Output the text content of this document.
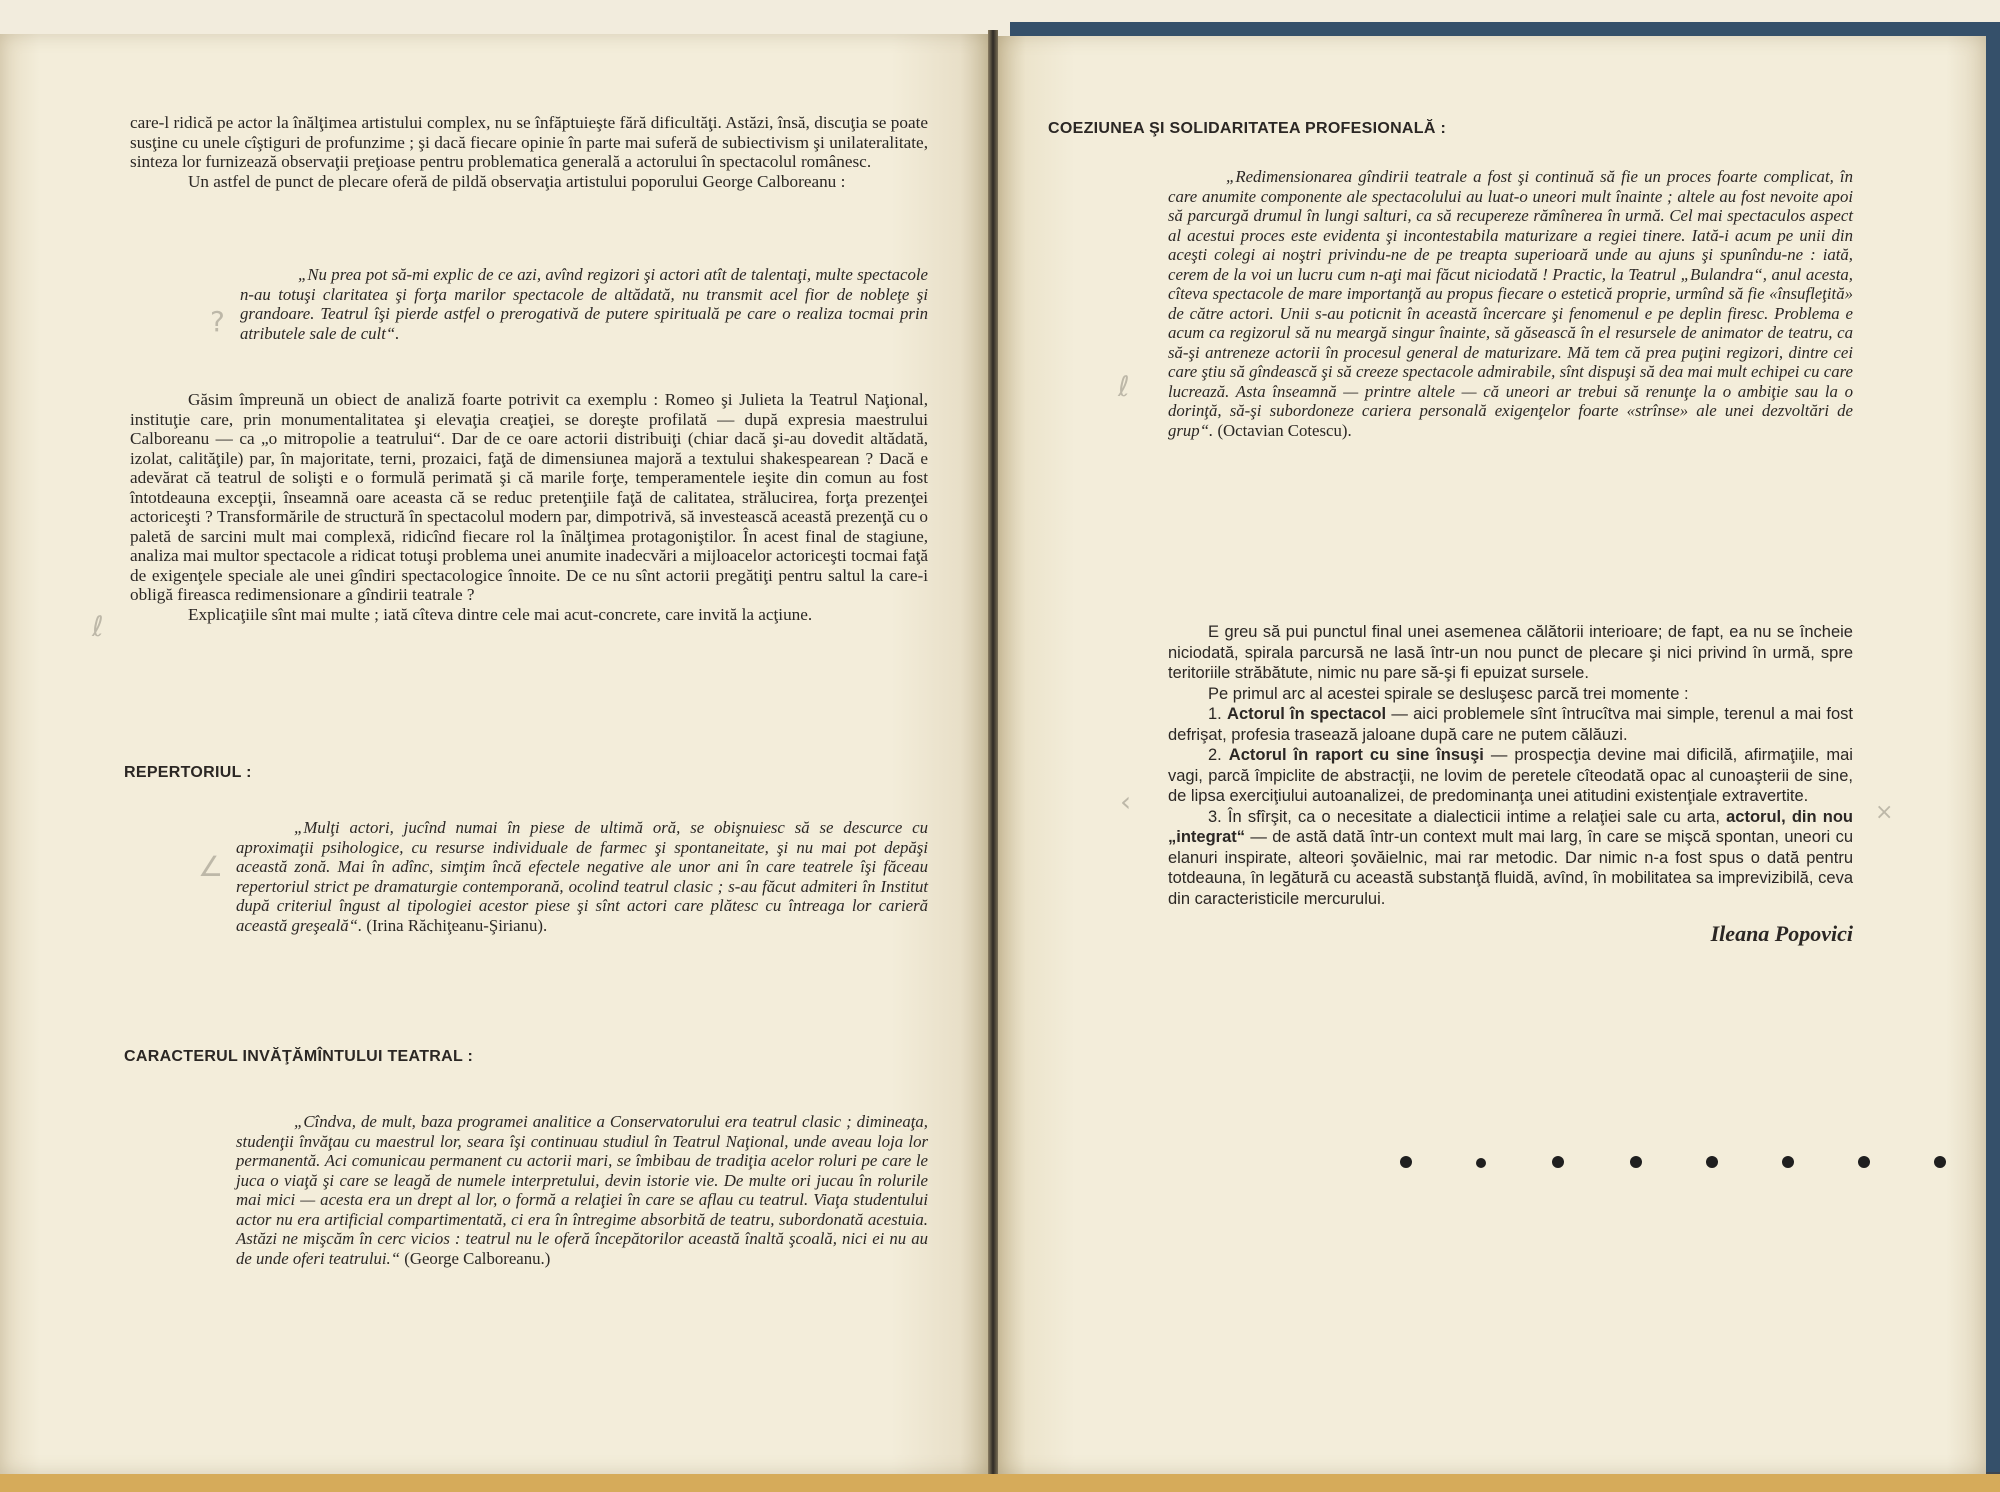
care-l ridică pe actor la înălţimea artistului complex, nu se înfăptuieşte fără dificultăţi. Astăzi, însă, discuţia se poate susţine cu unele cîştiguri de profunzime ; şi dacă fiecare opinie în parte mai suferă de subiectivism şi unilateralitate, sinteza lor furnizează observaţii preţioase pentru problematica generală a actorului în spectacolul românesc.

Un astfel de punct de plecare oferă de pildă observaţia artistului poporului George Calboreanu :

„Nu prea pot să-mi explic de ce azi, avînd regizori şi actori atît de talentaţi, multe spectacole n-au totuşi claritatea şi forţa marilor spectacole de altădată, nu transmit acel fior de nobleţe şi grandoare. Teatrul îşi pierde astfel o prerogativă de putere spirituală pe care o realiza tocmai prin atributele sale de cult“.

Găsim împreună un obiect de analiză foarte potrivit ca exemplu : Romeo şi Julieta la Teatrul Naţional, instituţie care, prin monumentalitatea şi elevaţia creaţiei, se doreşte profilată — după expresia maestrului Calboreanu — ca „o mitropolie a teatrului“. Dar de ce oare actorii distribuiţi (chiar dacă şi-au dovedit altădată, izolat, calităţile) par, în majoritate, terni, prozaici, faţă de dimensiunea majoră a textului shakespearean ? Dacă e adevărat că teatrul de solişti e o formulă perimată şi că marile forţe, temperamentele ieşite din comun au fost întotdeauna excepţii, înseamnă oare aceasta că se reduc pretenţiile faţă de calitatea, strălucirea, forţa prezenţei actoriceşti ? Transformările de structură în spectacolul modern par, dimpotrivă, să investească această prezenţă cu o paletă de sarcini mult mai complexă, ridicînd fiecare rol la înălţimea protagoniştilor. În acest final de stagiune, analiza mai multor spectacole a ridicat totuşi problema unei anumite inadecvări a mijloacelor actoriceşti tocmai faţă de exigenţele speciale ale unei gîndiri spectacologice înnoite. De ce nu sînt actorii pregătiţi pentru saltul la care-i obligă fireasca redimensionare a gîndirii teatrale ?

Explicaţiile sînt mai multe ; iată cîteva dintre cele mai acut-concrete, care invită la acţiune.

REPERTORIUL :

„Mulţi actori, jucînd numai în piese de ultimă oră, se obişnuiesc să se descurce cu aproximaţii psihologice, cu resurse individuale de farmec şi spontaneitate, şi nu mai pot depăşi această zonă. Mai în adînc, simţim încă efectele negative ale unor ani în care teatrele îşi făceau repertoriul strict pe dramaturgie contemporană, ocolind teatrul clasic ; s-au făcut admiteri în Institut după criteriul îngust al tipologiei acestor piese şi sînt actori care plătesc cu întreaga lor carieră această greşeală“. (Irina Răchiţeanu-Şirianu).

CARACTERUL INVĂŢĂMÎNTULUI TEATRAL :

„Cîndva, de mult, baza programei analitice a Conservatorului era teatrul clasic ; dimineaţa, studenţii învăţau cu maestrul lor, seara îşi continuau studiul în Teatrul Naţional, unde aveau loja lor permanentă. Aci comunicau permanent cu actorii mari, se îmbibau de tradiţia acelor roluri pe care le juca o viaţă şi care se leagă de numele interpretului, devin istorie vie. De multe ori jucau în rolurile mai mici — acesta era un drept al lor, o formă a relaţiei în care se aflau cu teatrul. Viaţa studentului actor nu era artificial compartimentată, ci era în întregime absorbită de teatru, subordonată acestuia. Astăzi ne mişcăm în cerc vicios : teatrul nu le oferă începătorilor această înaltă şcoală, nici ei nu au de unde oferi teatrului.“ (George Calboreanu.)

COEZIUNEA ŞI SOLIDARITATEA PROFESIONALĂ :

„Redimensionarea gîndirii teatrale a fost şi continuă să fie un proces foarte complicat, în care anumite componente ale spectacolului au luat-o uneori mult înainte ; altele au fost nevoite apoi să parcurgă drumul în lungi salturi, ca să recupereze rămînerea în urmă. Cel mai spectaculos aspect al acestui proces este evidenta şi incontestabila maturizare a regiei tinere. Iată-i acum pe unii din aceşti colegi ai noştri privindu-ne de pe treapta superioară unde au ajuns şi spunîndu-ne : iată, cerem de la voi un lucru cum n-aţi mai făcut niciodată ! Practic, la Teatrul „Bulandra“, anul acesta, cîteva spectacole de mare importanţă au propus fiecare o estetică proprie, urmînd să fie «însufleţită» de către actori. Unii s-au poticnit în această încercare şi fenomenul e pe deplin firesc. Problema e acum ca regizorul să nu meargă singur înainte, să găsească în el resursele de animator de teatru, ca să-şi antreneze actorii în procesul general de maturizare. Mă tem că prea puţini regizori, dintre cei care ştiu să gîndească şi să creeze spectacole admirabile, sînt dispuşi să dea mai mult echipei cu care lucrează. Asta înseamnă — printre altele — că uneori ar trebui să renunţe la o ambiţie sau la o dorinţă, să-şi subordoneze cariera personală exigenţelor foarte «strînse» ale unei dezvoltări de grup“. (Octavian Cotescu).

E greu să pui punctul final unei asemenea călătorii interioare; de fapt, ea nu se încheie niciodată, spirala parcursă ne lasă într-un nou punct de plecare şi nici privind în urmă, spre teritoriile străbătute, nimic nu pare să-şi fi epuizat sursele.

Pe primul arc al acestei spirale se desluşesc parcă trei momente :

1. Actorul în spectacol — aici problemele sînt întrucîtva mai simple, terenul a mai fost defrişat, profesia trasează jaloane după care ne putem călăuzi.

2. Actorul în raport cu sine însuşi — prospecţia devine mai dificilă, afirmaţiile, mai vagi, parcă împiclite de abstracţii, ne lovim de peretele cîteodată opac al cunoaşterii de sine, de lipsa exerciţiului autoanalizei, de predominanţa unei atitudini existenţiale extravertite.

3. În sfîrşit, ca o necesitate a dialecticii intime a relaţiei sale cu arta, actorul, din nou „integrat“ — de astă dată într-un context mult mai larg, în care se mişcă spontan, uneori cu elanuri inspirate, alteori şovăielnic, mai rar metodic. Dar nimic n-a fost spus o dată pentru totdeauna, în legătură cu această substanţă fluidă, avînd, în mobilitatea sa imprevizibilă, ceva din caracteristicile mercurului.

Ileana Popovici

?
ℓ
∠
ℓ
‹	×
